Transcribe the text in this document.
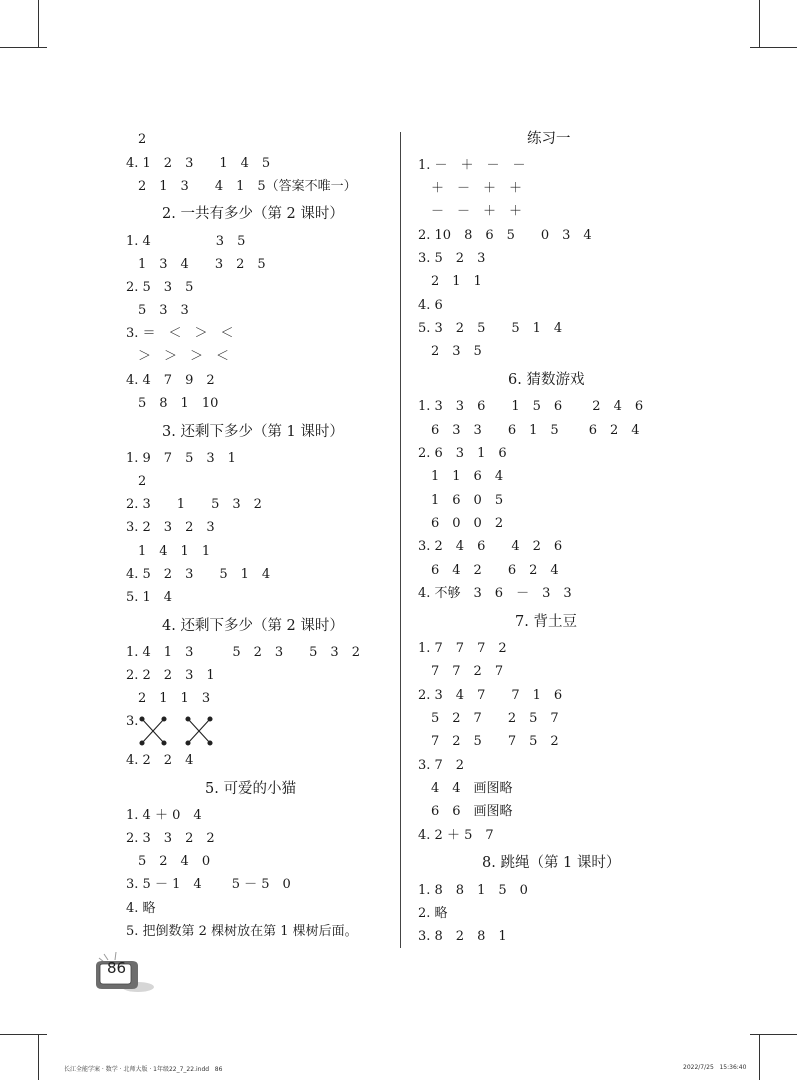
2
4. 1　2　3　　1　4　5
2　1　3　　4　1　5（答案不唯一）
1. 4　　　　　3　5
1　3　4　　3　2　5
2. 5　3　5
5　3　3
3. ＝　＜　＞　＜
＞　＞　＞　＜
4. 4　7　9　2
5　8　1　10
1. 9　7　5　3　1
2
2. 3　　1　　5　3　2
3. 2　3　2　3
1　4　1　1
4. 5　2　3　　5　1　4
5. 1　4
1. 4　1　3　　　5　2　3　　5　3　2
2. 2　2　3　1
2　1　1　3
3.
4. 2　2　4
1. 4 ＋ 0　4
2. 3　3　2　2
5　2　4　0
3. 5 － 1　4　　 5 － 5　0
4. 略
5. 把倒数第 2 棵树放在第 1 棵树后面。
2. 一共有多少（第 2 课时）
3. 还剩下多少（第 1 课时）
4. 还剩下多少（第 2 课时）
5. 可爱的小猫
1. －　＋　－　－
＋　－　＋　＋
－　－　＋　＋
2. 10　8　6　5　　0　3　4
3. 5　2　3
2　1　1
4. 6
5. 3　2　5　　5　1　4
2　3　5
1. 3　3　6　　1　5　6　　 2　4　6
6　3　3　　6　1　5　　 6　2　4
2. 6　3　1　6
1　1　6　4
1　6　0　5
6　0　0　2
3. 2　4　6　　4　2　6
6　4　2　　6　2　4
4. 不够　3　6　－　3　3
1. 7　7　7　2
7　7　2　7
2. 3　4　7　　7　1　6
5　2　7　　2　5　7
7　2　5　　7　5　2
3. 7　2
4　4　画图略
6　6　画图略
4. 2 ＋ 5　7
1. 8　8　1　5　0
2. 略
3. 8　2　8　1
练习一
6. 猜数游戏
7. 背土豆
8. 跳绳（第 1 课时）
86
长江全能学案 · 数学 · 北师大版 · 1年级22_7_22.indd   86	2022/7/25   15:36:40
